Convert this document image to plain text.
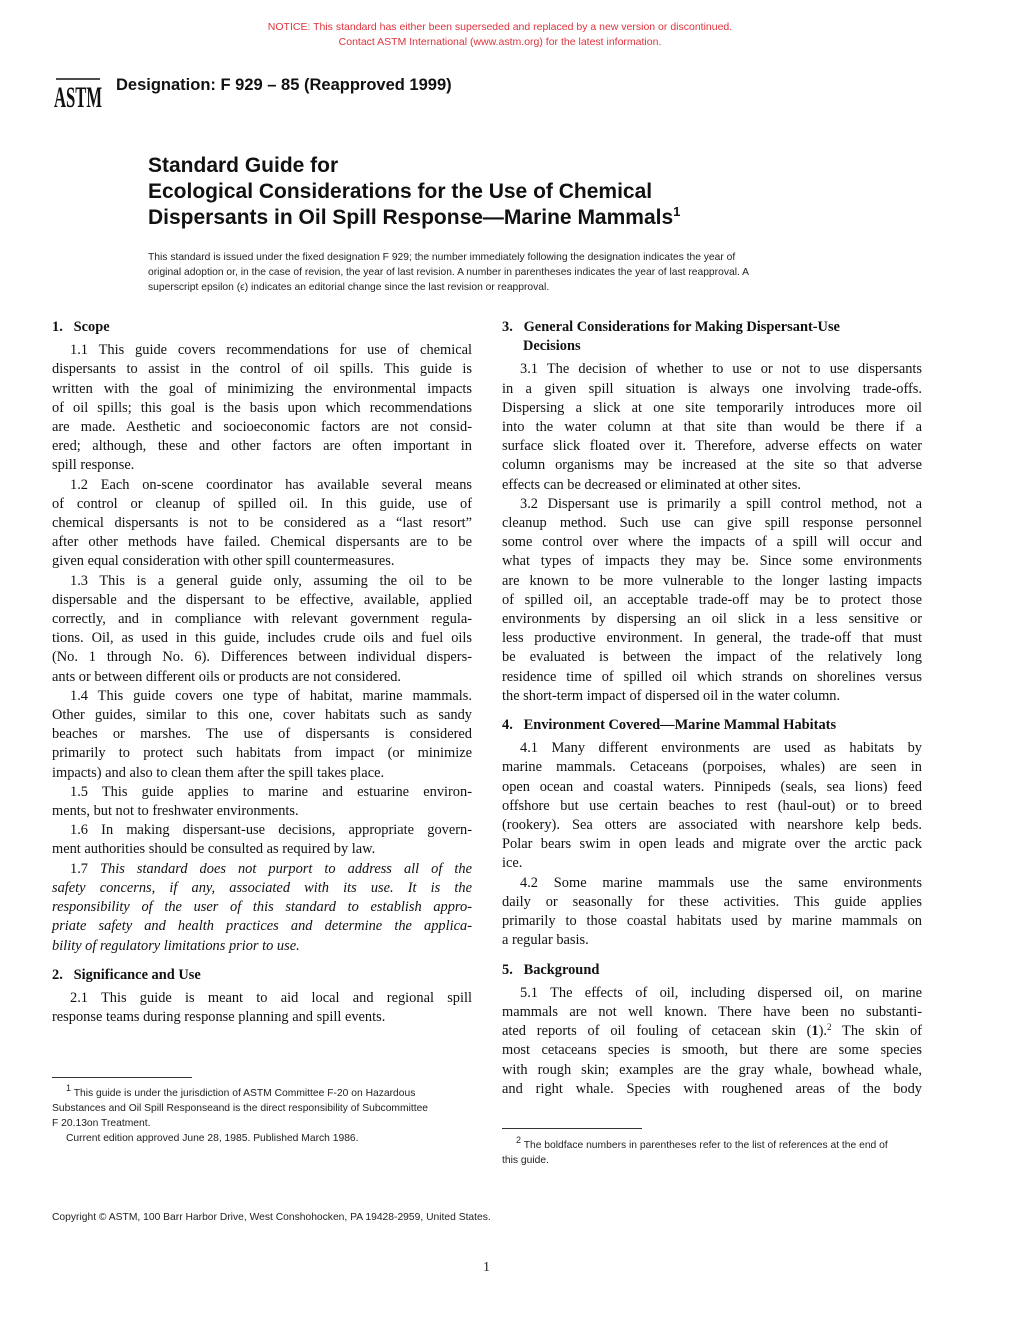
NOTICE: This standard has either been superseded and replaced by a new version or discontinued.
Contact ASTM International (www.astm.org) for the latest information.
ASTM Designation: F 929 – 85 (Reapproved 1999)
Standard Guide for
Ecological Considerations for the Use of Chemical
Dispersants in Oil Spill Response—Marine Mammals$^1$
This standard is issued under the fixed designation F 929; the number immediately following the designation indicates the year of
original adoption or, in the case of revision, the year of last revision. A number in parentheses indicates the year of last reapproval. A
superscript epsilon (ϵ) indicates an editorial change since the last revision or reapproval.
1. Scope
1.1 This guide covers recommendations for use of chemical
dispersants to assist in the control of oil spills. This guide is
written with the goal of minimizing the environmental impacts
of oil spills; this goal is the basis upon which recommendations
are made. Aesthetic and socioeconomic factors are not consid-
ered; although, these and other factors are often important in
spill response.
1.2 Each on-scene coordinator has available several means
of control or cleanup of spilled oil. In this guide, use of
chemical dispersants is not to be considered as a “last resort”
after other methods have failed. Chemical dispersants are to be
given equal consideration with other spill countermeasures.
1.3 This is a general guide only, assuming the oil to be
dispersable and the dispersant to be effective, available, applied
correctly, and in compliance with relevant government regula-
tions. Oil, as used in this guide, includes crude oils and fuel oils
(No. 1 through No. 6). Differences between individual dispers-
ants or between different oils or products are not considered.
1.4 This guide covers one type of habitat, marine mammals.
Other guides, similar to this one, cover habitats such as sandy
beaches or marshes. The use of dispersants is considered
primarily to protect such habitats from impact (or minimize
impacts) and also to clean them after the spill takes place.
1.5 This guide applies to marine and estuarine environ-
ments, but not to freshwater environments.
1.6 In making dispersant-use decisions, appropriate govern-
ment authorities should be consulted as required by law.
1.7 This standard does not purport to address all of the
safety concerns, if any, associated with its use. It is the
responsibility of the user of this standard to establish appro-
priate safety and health practices and determine the applica-
bility of regulatory limitations prior to use.
2. Significance and Use
2.1 This guide is meant to aid local and regional spill
response teams during response planning and spill events.
3. General Considerations for Making Dispersant-Use
Decisions
3.1 The decision of whether to use or not to use dispersants
in a given spill situation is always one involving trade-offs.
Dispersing a slick at one site temporarily introduces more oil
into the water column at that site than would be there if a
surface slick floated over it. Therefore, adverse effects on water
column organisms may be increased at the site so that adverse
effects can be decreased or eliminated at other sites.
3.2 Dispersant use is primarily a spill control method, not a
cleanup method. Such use can give spill response personnel
some control over where the impacts of a spill will occur and
what types of impacts they may be. Since some environments
are known to be more vulnerable to the longer lasting impacts
of spilled oil, an acceptable trade-off may be to protect those
environments by dispersing an oil slick in a less sensitive or
less productive environment. In general, the trade-off that must
be evaluated is between the impact of the relatively long
residence time of spilled oil which strands on shorelines versus
the short-term impact of dispersed oil in the water column.
4. Environment Covered—Marine Mammal Habitats
4.1 Many different environments are used as habitats by
marine mammals. Cetaceans (porpoises, whales) are seen in
open ocean and coastal waters. Pinnipeds (seals, sea lions) feed
offshore but use certain beaches to rest (haul-out) or to breed
(rookery). Sea otters are associated with nearshore kelp beds.
Polar bears swim in open leads and migrate over the arctic pack
ice.
4.2 Some marine mammals use the same environments
daily or seasonally for these activities. This guide applies
primarily to those coastal habitats used by marine mammals on
a regular basis.
5. Background
5.1 The effects of oil, including dispersed oil, on marine
mammals are not well known. There have been no substanti-
ated reports of oil fouling of cetacean skin (1).$^2$ The skin of
most cetaceans species is smooth, but there are some species
with rough skin; examples are the gray whale, bowhead whale,
and right whale. Species with roughened areas of the body
1 This guide is under the jurisdiction of ASTM Committee F-20 on Hazardous
Substances and Oil Spill Responseand is the direct responsibility of Subcommittee
F 20.13on Treatment.
Current edition approved June 28, 1985. Published March 1986.	2 The boldface numbers in parentheses refer to the list of references at the end of
this guide.
Copyright © ASTM, 100 Barr Harbor Drive, West Conshohocken, PA 19428-2959, United States.
1
